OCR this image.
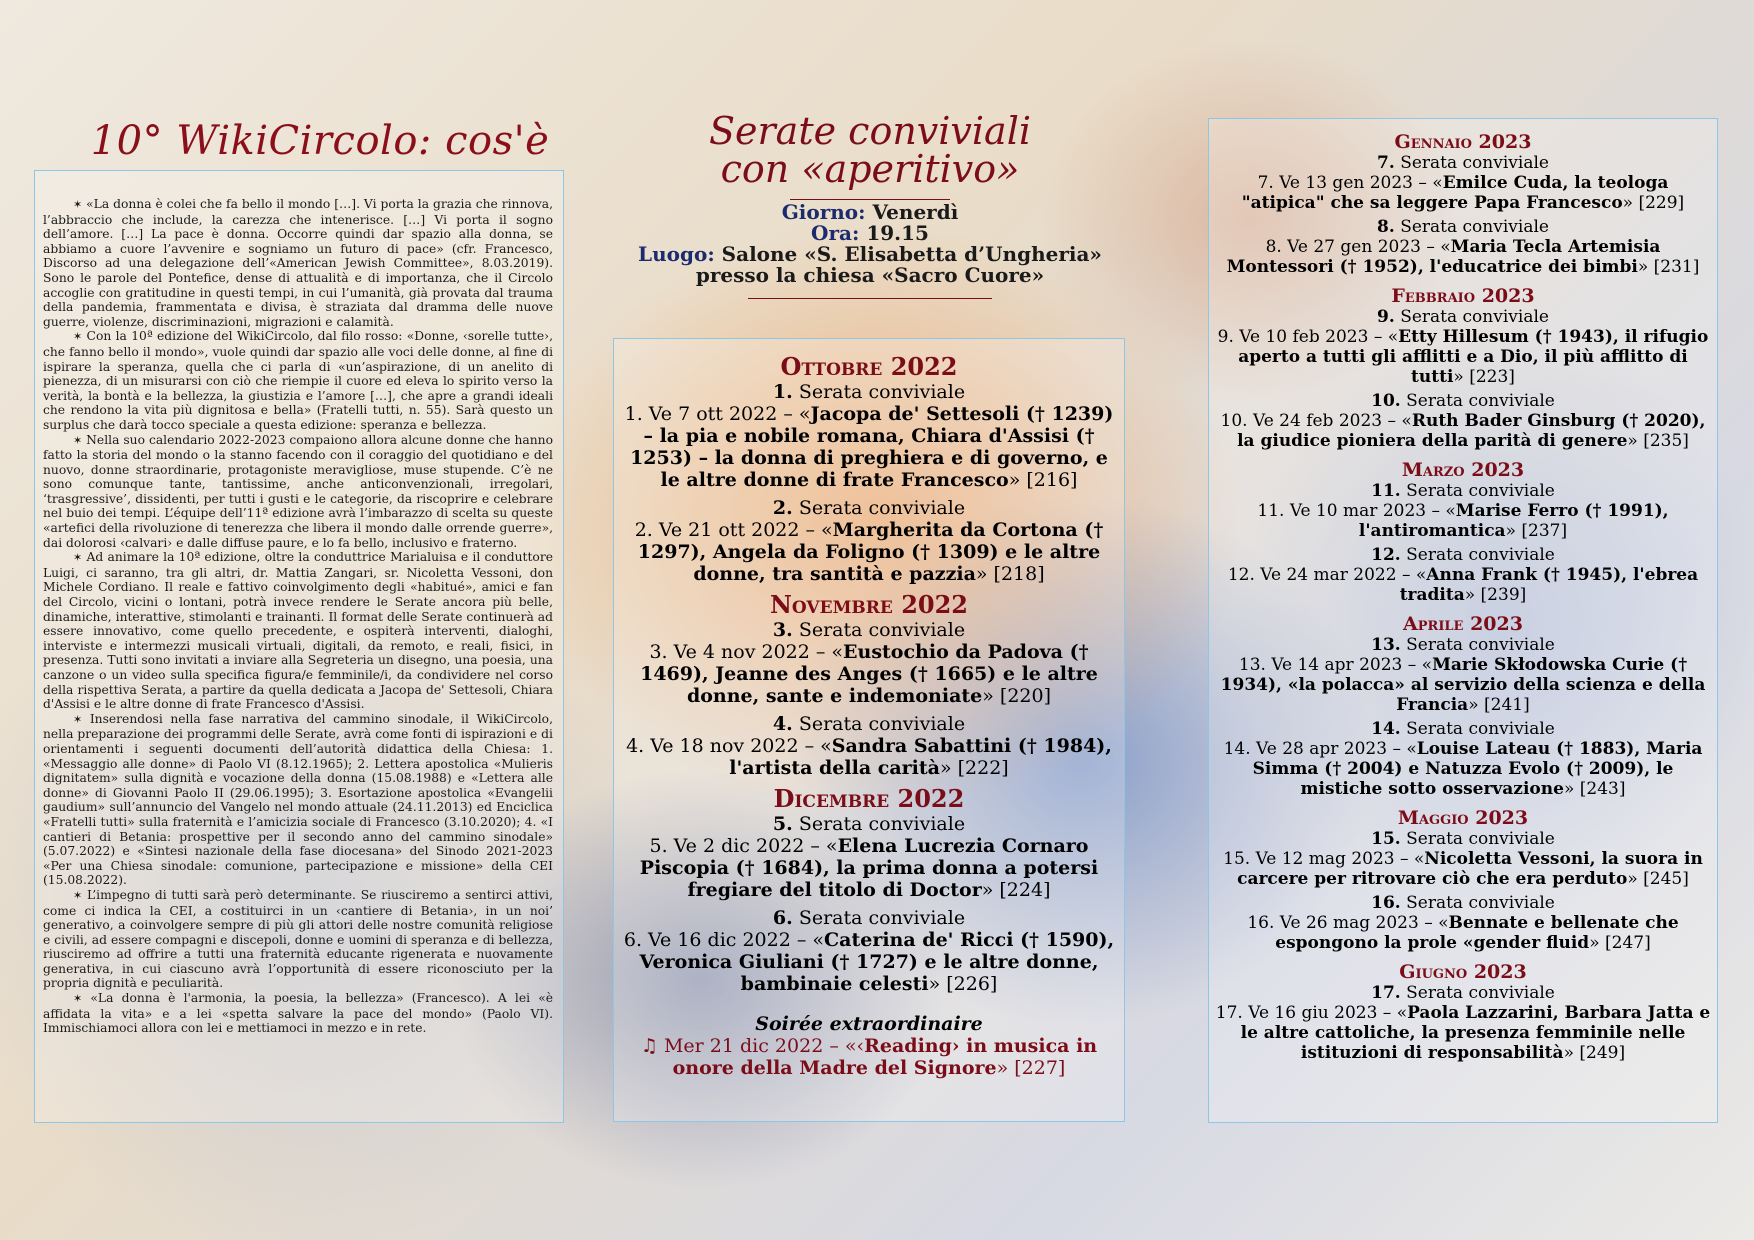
10° WikiCircolo: cos'è

✶ «La donna è colei che fa bello il mondo […]. Vi porta la grazia che rinnova, l’abbraccio che include, la carezza che intenerisce. […] Vi porta il sogno dell’amore. […] La pace è donna. Occorre quindi dar spazio alla donna, se abbiamo a cuore l’avvenire e sogniamo un futuro di pace» (cfr. Francesco, Discorso ad una delegazione dell’«American Jewish Committee», 8.03.2019). Sono le parole del Pontefice, dense di attualità e di importanza, che il Circolo accoglie con gratitudine in questi tempi, in cui l’umanità, già provata dal trauma della pandemia, frammentata e divisa, è straziata dal dramma delle nuove guerre, violenze, discriminazioni, migrazioni e calamità.

✶ Con la 10ª edizione del WikiCircolo, dal filo rosso: «Donne, ‹sorelle tutte›, che fanno bello il mondo», vuole quindi dar spazio alle voci delle donne, al fine di ispirare la speranza, quella che ci parla di «un’aspirazione, di un anelito di pienezza, di un misurarsi con ciò che riempie il cuore ed eleva lo spirito verso la verità, la bontà e la bellezza, la giustizia e l’amore […], che apre a grandi ideali che rendono la vita più dignitosa e bella» (Fratelli tutti, n. 55). Sarà questo un surplus che darà tocco speciale a questa edizione: speranza e bellezza.

✶ Nella suo calendario 2022-2023 compaiono allora alcune donne che hanno fatto la storia del mondo o la stanno facendo con il coraggio del quotidiano e del nuovo, donne straordinarie, protagoniste meravigliose, muse stupende. C’è ne sono comunque tante, tantissime, anche anticonvenzionali, irregolari, ‘trasgressive’, dissidenti, per tutti i gusti e le categorie, da riscoprire e celebrare nel buio dei tempi. L’équipe dell’11ª edizione avrà l’imbarazzo di scelta su queste «artefici della rivoluzione di tenerezza che libera il mondo dalle orrende guerre», dai dolorosi ‹calvari› e dalle diffuse paure, e lo fa bello, inclusivo e fraterno.

✶ Ad animare la 10ª edizione, oltre la conduttrice Marialuisa e il conduttore Luigi, ci saranno, tra gli altri, dr. Mattia Zangari, sr. Nicoletta Vessoni, don Michele Cordiano. Il reale e fattivo coinvolgimento degli «habitué», amici e fan del Circolo, vicini o lontani, potrà invece rendere le Serate ancora più belle, dinamiche, interattive, stimolanti e trainanti. Il format delle Serate continuerà ad essere innovativo, come quello precedente, e ospiterà interventi, dialoghi, interviste e intermezzi musicali virtuali, digitali, da remoto, e reali, fisici, in presenza. Tutti sono invitati a inviare alla Segreteria un disegno, una poesia, una canzone o un video sulla specifica figura/e femminile/i, da condividere nel corso della rispettiva Serata, a partire da quella dedicata a Jacopa de' Settesoli, Chiara d'Assisi e le altre donne di frate Francesco d'Assisi.

✶ Inserendosi nella fase narrativa del cammino sinodale, il WikiCircolo, nella preparazione dei programmi delle Serate, avrà come fonti di ispirazioni e di orientamenti i seguenti documenti dell’autorità didattica della Chiesa: 1. «Messaggio alle donne» di Paolo VI (8.12.1965); 2. Lettera apostolica «Mulieris dignitatem» sulla dignità e vocazione della donna (15.08.1988) e «Lettera alle donne» di Giovanni Paolo II (29.06.1995); 3. Esortazione apostolica «Evangelii gaudium» sull’annuncio del Vangelo nel mondo attuale (24.11.2013) ed Enciclica «Fratelli tutti» sulla fraternità e l’amicizia sociale di Francesco (3.10.2020); 4. «I cantieri di Betania: prospettive per il secondo anno del cammino sinodale» (5.07.2022) e «Sintesi nazionale della fase diocesana» del Sinodo 2021-2023 «Per una Chiesa sinodale: comunione, partecipazione e missione» della CEI (15.08.2022).

✶ L’impegno di tutti sarà però determinante. Se riusciremo a sentirci attivi, come ci indica la CEI, a costituirci in un ‹cantiere di Betania›, in un noi’ generativo, a coinvolgere sempre di più gli attori delle nostre comunità religiose e civili, ad essere compagni e discepoli, donne e uomini di speranza e di bellezza, riusciremo ad offrire a tutti una fraternità educante rigenerata e nuovamente generativa, in cui ciascuno avrà l’opportunità di essere riconosciuto per la propria dignità e peculiarità.

✶ «La donna è l'armonia, la poesia, la bellezza» (Francesco). A lei «è affidata la vita» e a lei «spetta salvare la pace del mondo» (Paolo VI). Immischiamoci allora con lei e mettiamoci in mezzo e in rete.

Serate conviviali
con «aperitivo»
Giorno: Venerdì
Ora: 19.15
Luogo: Salone «S. Elisabetta d’Ungheria»
presso la chiesa «Sacro Cuore»
Ottobre 2022
1. Serata conviviale
1. Ve 7 ott 2022 – «Jacopa de' Settesoli († 1239) – la pia e nobile romana, Chiara d'Assisi († 1253) – la donna di preghiera e di governo, e le altre donne di frate Francesco» [216]
2. Serata conviviale
2. Ve 21 ott 2022 – «Margherita da Cortona († 1297), Angela da Foligno († 1309) e le altre donne, tra santità e pazzia» [218]
Novembre 2022
3. Serata conviviale
3. Ve 4 nov 2022 – «Eustochio da Padova († 1469), Jeanne des Anges († 1665) e le altre donne, sante e indemoniate» [220]
4. Serata conviviale
4. Ve 18 nov 2022 – «Sandra Sabattini († 1984), l'artista della carità» [222]
Dicembre 2022
5. Serata conviviale
5. Ve 2 dic 2022 – «Elena Lucrezia Cornaro Piscopia († 1684), la prima donna a potersi fregiare del titolo di Doctor» [224]
6. Serata conviviale
6. Ve 16 dic 2022 – «Caterina de' Ricci († 1590), Veronica Giuliani († 1727) e le altre donne, bambinaie celesti» [226]
Soirée extraordinaire
♫ Mer 21 dic 2022 – «‹Reading› in musica in onore della Madre del Signore» [227]
Gennaio 2023
7. Serata conviviale
7. Ve 13 gen 2023 – «Emilce Cuda, la teologa "atipica" che sa leggere Papa Francesco» [229]
8. Serata conviviale
8. Ve 27 gen 2023 – «Maria Tecla Artemisia Montessori († 1952), l'educatrice dei bimbi» [231]
Febbraio 2023
9. Serata conviviale
9. Ve 10 feb 2023 – «Etty Hillesum († 1943), il rifugio aperto a tutti gli afflitti e a Dio, il più afflitto di tutti» [223]
10. Serata conviviale
10. Ve 24 feb 2023 – «Ruth Bader Ginsburg († 2020), la giudice pioniera della parità di genere» [235]
Marzo 2023
11. Serata conviviale
11. Ve 10 mar 2023 – «Marise Ferro († 1991), l'antiromantica» [237]
12. Serata conviviale
12. Ve 24 mar 2022 – «Anna Frank († 1945), l'ebrea tradita» [239]
Aprile 2023
13. Serata conviviale
13. Ve 14 apr 2023 – «Marie Skłodowska Curie († 1934), «la polacca» al servizio della scienza e della Francia» [241]
14. Serata conviviale
14. Ve 28 apr 2023 – «Louise Lateau († 1883), Maria Simma († 2004) e Natuzza Evolo († 2009), le mistiche sotto osservazione» [243]
Maggio 2023
15. Serata conviviale
15. Ve 12 mag 2023 – «Nicoletta Vessoni, la suora in carcere per ritrovare ciò che era perduto» [245]
16. Serata conviviale
16. Ve 26 mag 2023 – «Bennate e bellenate che espongono la prole «gender fluid» [247]
Giugno 2023
17. Serata conviviale
17. Ve 16 giu 2023 – «Paola Lazzarini, Barbara Jatta e le altre cattoliche, la presenza femminile nelle istituzioni di responsabilità» [249]
